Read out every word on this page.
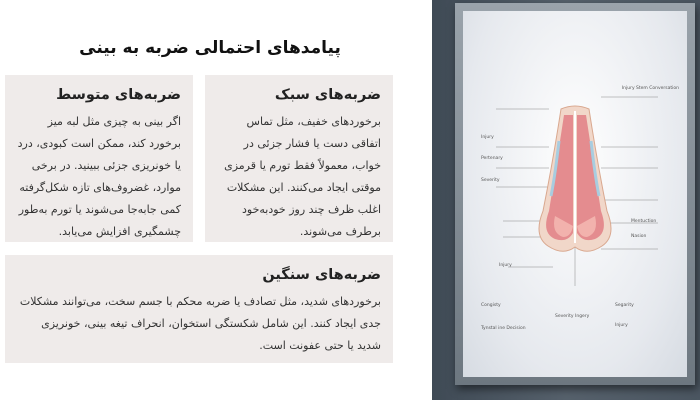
پیامدهای احتمالی ضربه به بینی
ضربه‌های سبک

برخوردهای خفیف، مثل تماس اتفاقی دست یا فشار جزئی در خواب، معمولاً فقط تورم یا قرمزی موقتی ایجاد می‌کنند. این مشکلات اغلب ظرف چند روز خودبه‌خود برطرف می‌شوند.

ضربه‌های متوسط

اگر بینی به چیزی مثل لبه میز برخورد کند، ممکن است کبودی، درد یا خونریزی جزئی ببینید. در برخی موارد، غضروف‌های تازه شکل‌گرفته کمی جابه‌جا می‌شوند یا تورم به‌طور چشمگیری افزایش می‌یابد.

ضربه‌های سنگین

برخوردهای شدید، مثل تصادف یا ضربه محکم با جسم سخت، می‌توانند مشکلات جدی ایجاد کنند. این شامل شکستگی استخوان، انحراف تیغه بینی، خونریزی شدید یا حتی عفونت است.

Injury Stem Conversation
Injury
Pertenary
Severity
Mentuction
Nasion
Injury
Congisty
Tynstal ine Decision
Severity Ingery
Segarity
Injury
